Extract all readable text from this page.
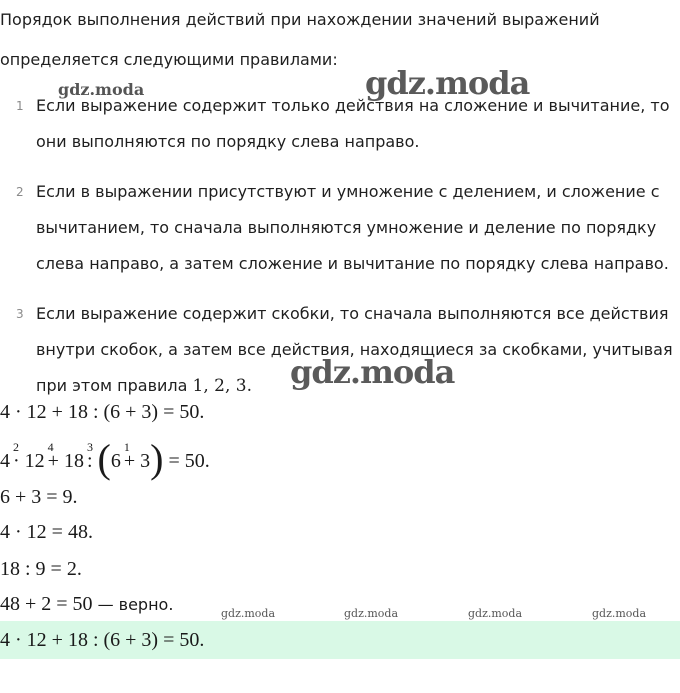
Порядок выполнения действий при нахождении значений выражений определяется следующими правилами:

1 Если выражение содержит только действия на сложение и вычитание, то они выполняются по порядку слева направо.
2 Если в выражении присутствуют и умножение с делением, и сложение с вычитанием, то сначала выполняются умножение и деление по порядку слева направо, а затем сложение и вычитание по порядку слева направо.
3 Если выражение содержит скобки, то сначала выполняются все действия внутри скобок, а затем все действия, находящиеся за скобками, учитывая при этом правила 1, 2, 3.

4 · 12 + 18 : (6 + 3) = 50.

4 $^2$· 12 $^4$+ 18 $^3$: (6 $^1$+ 3) = 50.

6 + 3 = 9.

4 · 12 = 48.

18 : 9 = 2.

48 + 2 = 50 — верно.

4 · 12 + 18 : (6 + 3) = 50.

gdz.moda	gdz.moda
gdz.moda
gdz.moda	gdz.moda	gdz.moda	gdz.moda
